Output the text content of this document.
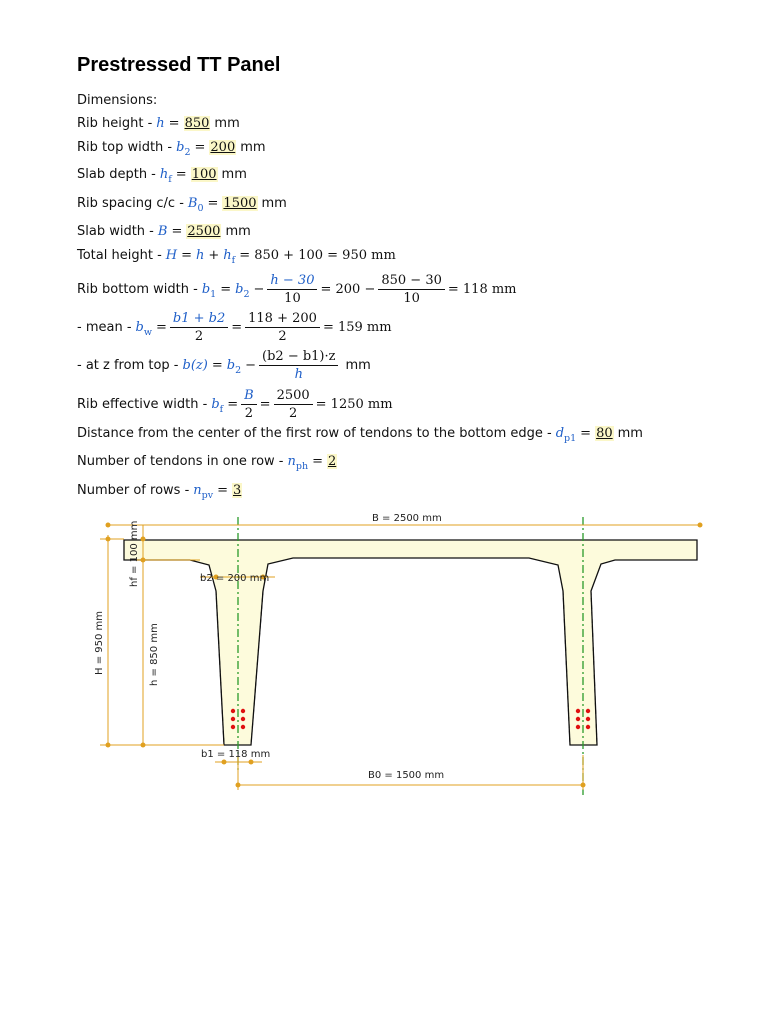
Prestressed TT Panel
Dimensions:
Rib height - h = 850 mm
Rib top width - $b_2 = 200$ mm
Slab depth - $h_f = 100$ mm
Rib spacing $c/c - B_0 = 1500$ mm
Slab width - B = 2500 mm
Total height - $H = h + h_f = 850 + 100 = 950$ mm
Rib bottom width - $b_1 = b_2 - \frac{h - 30}{10} = 200 - \frac{850 - 30}{10} = 118$ mm
- mean - $b_w = \frac{b1 + b2}{2} = \frac{118 + 200}{2} = 159$ mm
- at z from top - $b(z) = b_2 - \frac{(b2 - b1)\cdot z}{h}$ mm
Rib effective width - $b_f = \frac{B}{2} = \frac{2500}{2} = 1250$ mm
Distance from the center of the first row of tendons to the bottom edge - $d_{p1} = 80$ mm
Number of tendons in one row - $n_{ph} = 2$
Number of rows - $n_{pv} = 3$
B = 2500 mm
B0 = 1500 mm
b2 = 200 mm
b1 = 118 mm
H = 950 mm	h = 850 mm
hf = 100 mm
